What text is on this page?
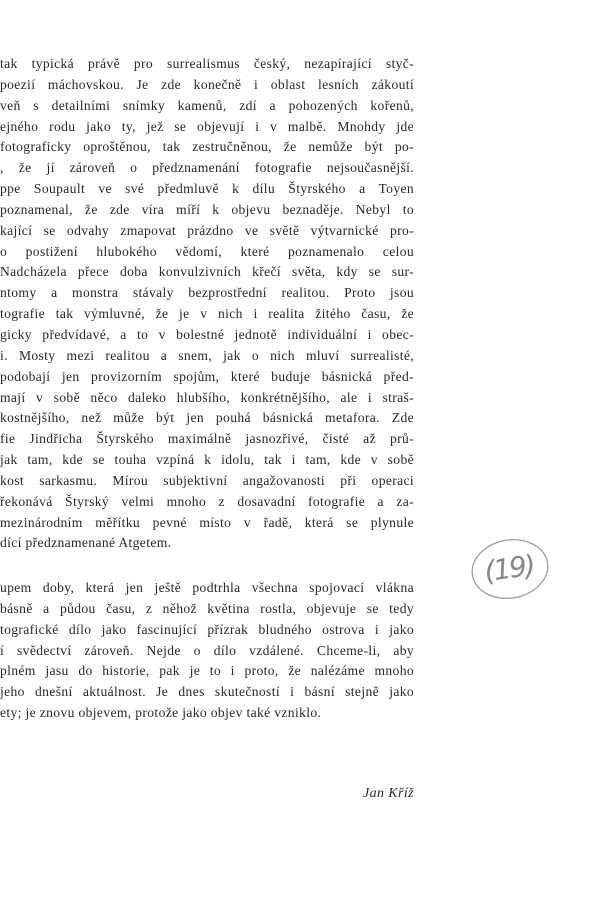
tak typická právě pro surrealismus český, nezapírající styč-
poezií máchovskou. Je zde konečně i oblast lesních zákoutí
veň s detailními snímky kamenů, zdí a pohozených kořenů,
ejného rodu jako ty, jež se objevují i v malbě. Mnohdy jde
fotograficky oproštěnou, tak zestručněnou, že nemůže být po-
, že jí zároveň o předznamenání fotografie nejsoučasnější.
ppe Soupault ve své předmluvě k dílu Štyrského a Toyen
poznamenal, že zde víra míří k objevu beznaděje. Nebyl to
kající se odvahy zmapovat prázdno ve světě výtvarnické pro-
o postižení hlubokého vědomí, které poznamenalo celou
Nadcházela přece doba konvulzivních křečí světa, kdy se sur-
ntomy a monstra stávaly bezprostřední realitou. Proto jsou
tografie tak výmluvné, že je v nich i realita žitého času, že
gicky předvídavé, a to v bolestné jednotě individuální i obec-
i. Mosty mezi realitou a snem, jak o nich mluví surrealisté,
podobají jen provizorním spojům, které buduje básnická před-
mají v sobě něco daleko hlubšího, konkrétnějšího, ale i straš-
kostnějšího, než může být jen pouhá básnická metafora. Zde
fie Jindřicha Štyrského maximálně jasnozřivé, čisté až prů-
jak tam, kde se touha vzpíná k idolu, tak i tam, kde v sobě
kost sarkasmu. Mírou subjektivní angažovanosti při operaci
řekonává Štyrský velmi mnoho z dosavadní fotografie a za-
mezinárodním měřítku pevné místo v řadě, která se plynule
dící předznamenané Atgetem.
upem doby, která jen ještě podtrhla všechna spojovací vlákna
básně a půdou času, z něhož květina rostla, objevuje se tedy
tografické dílo jako fascinující přízrak bludného ostrova i jako
í svědectví zároveň. Nejde o dílo vzdálené. Chceme-li, aby
plném jasu do historie, pak je to i proto, že nalézáme mnoho
jeho dnešní aktuálnost. Je dnes skutečností i básní stejně jako
ety; je znovu objevem, protože jako objev také vzniklo.
Jan Kříž
(19)
